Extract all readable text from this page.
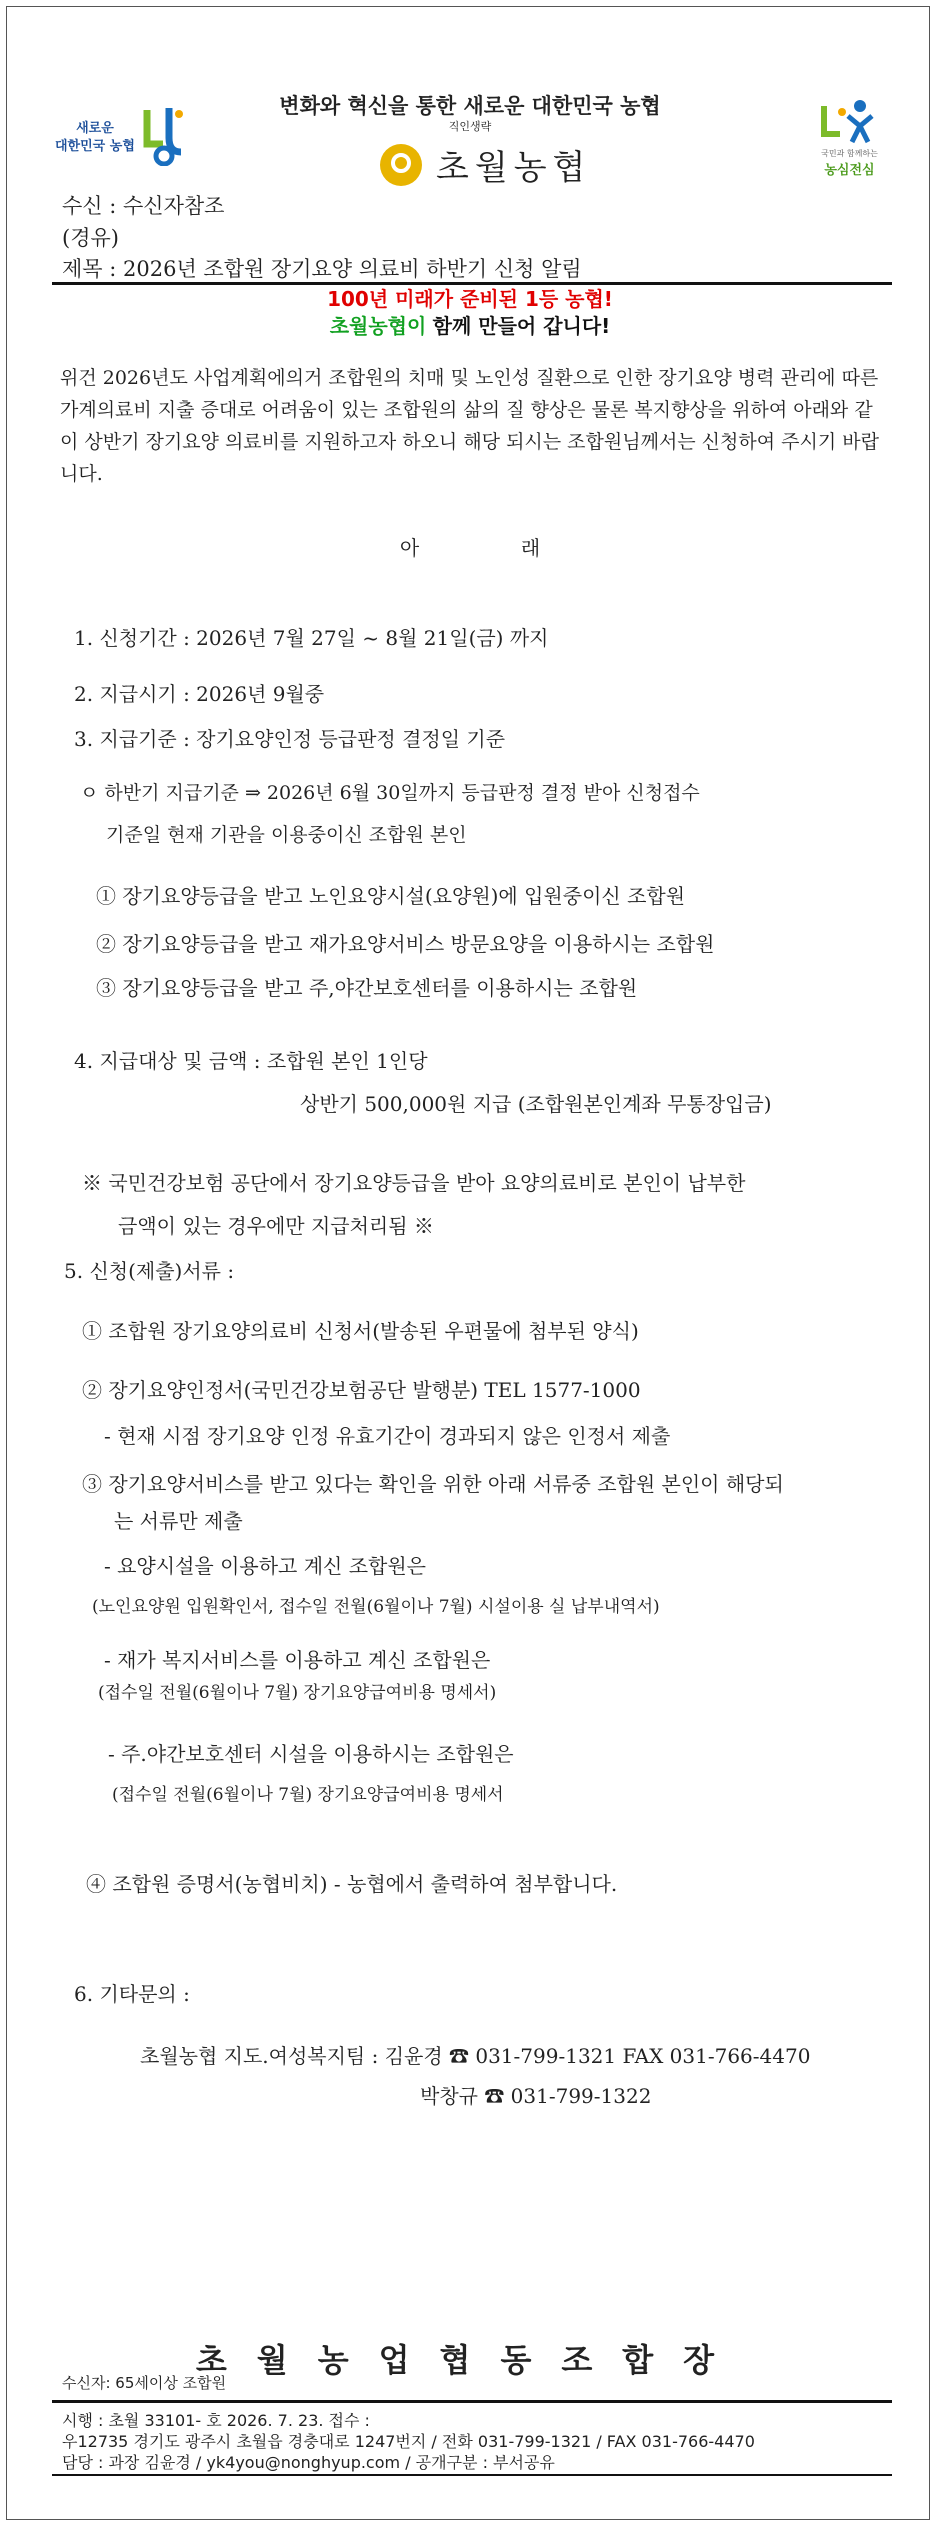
새로운
대한민국 농협	국민과 함께하는
농심전심
변화와 혁신을 통한 새로운 대한민국 농협
직인생략
초월농협
수신 : 수신자참조
(경유)
제목 : 2026년 조합원 장기요양 의료비 하반기 신청 알림
100년 미래가 준비된 1등 농협!
초월농협이 함께 만들어 갑니다!
위건 2026년도 사업계획에의거 조합원의 치매 및 노인성 질환으로 인한 장기요양 병력 관리에 따른 가계의료비 지출 증대로 어려움이 있는 조합원의 삶의 질 향상은 물론 복지향상을 위하여 아래와 같이 상반기 장기요양 의료비를 지원하고자 하오니 해당 되시는 조합원님께서는 신청하여 주시기 바랍니다.
아                래
1. 신청기간 : 2026년 7월 27일 ~ 8월 21일(금) 까지
2. 지급시기 : 2026년 9월중
3. 지급기준 : 장기요양인정 등급판정 결정일 기준
ㅇ 하반기 지급기준 ⇒ 2026년 6월 30일까지 등급판정 결정 받아 신청접수
기준일 현재 기관을 이용중이신 조합원 본인
① 장기요양등급을 받고 노인요양시설(요양원)에 입원중이신 조합원
② 장기요양등급을 받고 재가요양서비스 방문요양을 이용하시는 조합원
③ 장기요양등급을 받고 주,야간보호센터를 이용하시는 조합원
4. 지급대상 및 금액 : 조합원 본인 1인당
상반기 500,000원 지급 (조합원본인계좌 무통장입금)
※ 국민건강보험 공단에서 장기요양등급을 받아 요양의료비로 본인이 납부한
금액이 있는 경우에만 지급처리됨 ※
5. 신청(제출)서류 :
① 조합원 장기요양의료비 신청서(발송된 우편물에 첨부된 양식)
② 장기요양인정서(국민건강보험공단 발행분) TEL 1577-1000
- 현재 시점 장기요양 인정 유효기간이 경과되지 않은 인정서 제출
③ 장기요양서비스를 받고 있다는 확인을 위한 아래 서류중 조합원 본인이 해당되
는 서류만 제출
- 요양시설을 이용하고 계신 조합원은
(노인요양원 입원확인서, 접수일 전월(6월이나 7월) 시설이용 실 납부내역서)
- 재가 복지서비스를 이용하고 계신 조합원은
(접수일 전월(6월이나 7월) 장기요양급여비용 명세서)
- 주.야간보호센터 시설을 이용하시는 조합원은
(접수일 전월(6월이나 7월) 장기요양급여비용 명세서
④ 조합원 증명서(농협비치) - 농협에서 출력하여 첨부합니다.
6. 기타문의 :
초월농협 지도.여성복지팀 : 김윤경 ☎ 031-799-1321 FAX 031-766-4470
박창규 ☎ 031-799-1322
초월농업협동조합장
수신자: 65세이상 조합원
시행 : 초월 33101- 호 2026. 7. 23. 접수 :
우12735 경기도 광주시 초월읍 경충대로 1247번지 / 전화 031-799-1321 / FAX 031-766-4470
담당 : 과장 김윤경 / yk4you@nonghyup.com / 공개구분 : 부서공유
